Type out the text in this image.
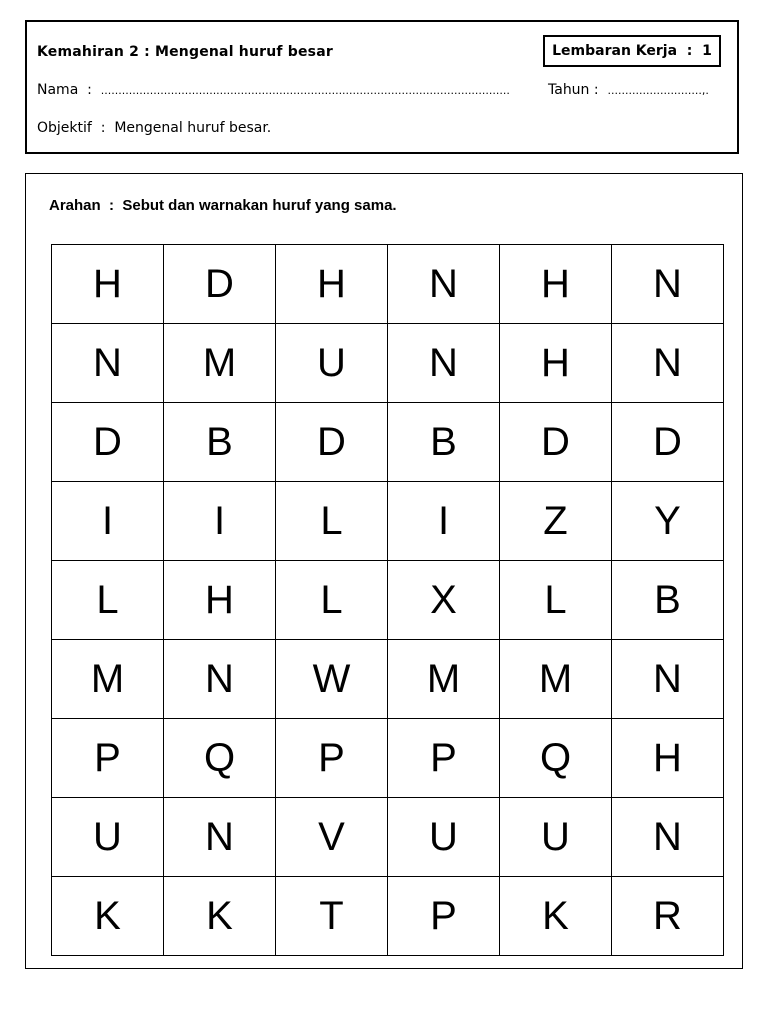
Kemahiran 2 : Mengenal huruf besar	Lembaran Kerja  :  1
Nama  :  .....................................................................................................................	Tahun :  ...........................,.
Objektif  :  Mengenal huruf besar.
Arahan  :  Sebut dan warnakan huruf yang sama.
H	D	H	N	H	N
N	M	U	N	H	N
D	B	D	B	D	D
I	I	L	I	Z	Y
L	H	L	X	L	B
M	N	W	M	M	N
P	Q	P	P	Q	H
U	N	V	U	U	N
K	K	T	P	K	R
